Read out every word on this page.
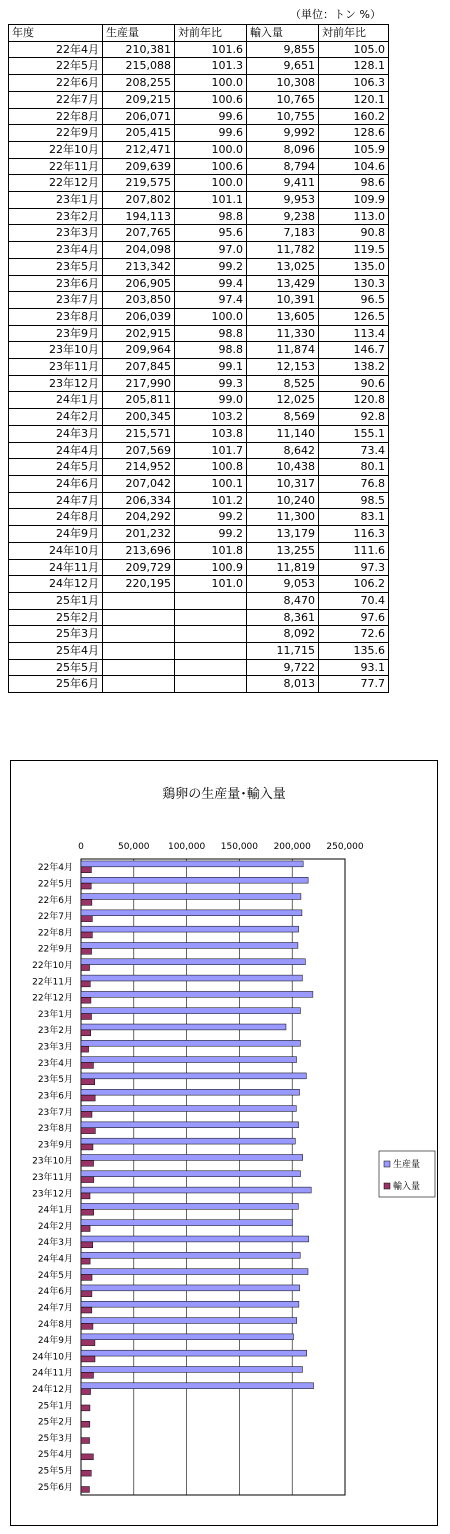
（単位：トン %）
年度	生産量	対前年比	輸入量	対前年比
22年4月	210,381	101.6	9,855	105.0
22年5月	215,088	101.3	9,651	128.1
22年6月	208,255	100.0	10,308	106.3
22年7月	209,215	100.6	10,765	120.1
22年8月	206,071	99.6	10,755	160.2
22年9月	205,415	99.6	9,992	128.6
22年10月	212,471	100.0	8,096	105.9
22年11月	209,639	100.6	8,794	104.6
22年12月	219,575	100.0	9,411	98.6
23年1月	207,802	101.1	9,953	109.9
23年2月	194,113	98.8	9,238	113.0
23年3月	207,765	95.6	7,183	90.8
23年4月	204,098	97.0	11,782	119.5
23年5月	213,342	99.2	13,025	135.0
23年6月	206,905	99.4	13,429	130.3
23年7月	203,850	97.4	10,391	96.5
23年8月	206,039	100.0	13,605	126.5
23年9月	202,915	98.8	11,330	113.4
23年10月	209,964	98.8	11,874	146.7
23年11月	207,845	99.1	12,153	138.2
23年12月	217,990	99.3	8,525	90.6
24年1月	205,811	99.0	12,025	120.8
24年2月	200,345	103.2	8,569	92.8
24年3月	215,571	103.8	11,140	155.1
24年4月	207,569	101.7	8,642	73.4
24年5月	214,952	100.8	10,438	80.1
24年6月	207,042	100.1	10,317	76.8
24年7月	206,334	101.2	10,240	98.5
24年8月	204,292	99.2	11,300	83.1
24年9月	201,232	99.2	13,179	116.3
24年10月	213,696	101.8	13,255	111.6
24年11月	209,729	100.9	11,819	97.3
24年12月	220,195	101.0	9,053	106.2
25年1月			8,470	70.4
25年2月			8,361	97.6
25年3月			8,092	72.6
25年4月			11,715	135.6
25年5月			9,722	93.1
25年6月			8,013	77.7
鶏卵の生産量･輸入量
0	50,000 100,000 150,000 200,000 250,000
22年4月
22年5月
22年6月
22年7月
22年8月
22年9月
22年10月
22年11月
22年12月
23年1月
23年2月
23年3月
23年4月
23年5月
23年6月
23年7月
23年8月
23年9月
23年10月
23年11月
23年12月
24年1月
24年2月
24年3月
24年4月
24年5月
24年6月
24年7月
24年8月
24年9月
24年10月
24年11月
24年12月
25年1月
25年2月
25年3月
25年4月
25年5月
25年6月
生産量
輸入量
